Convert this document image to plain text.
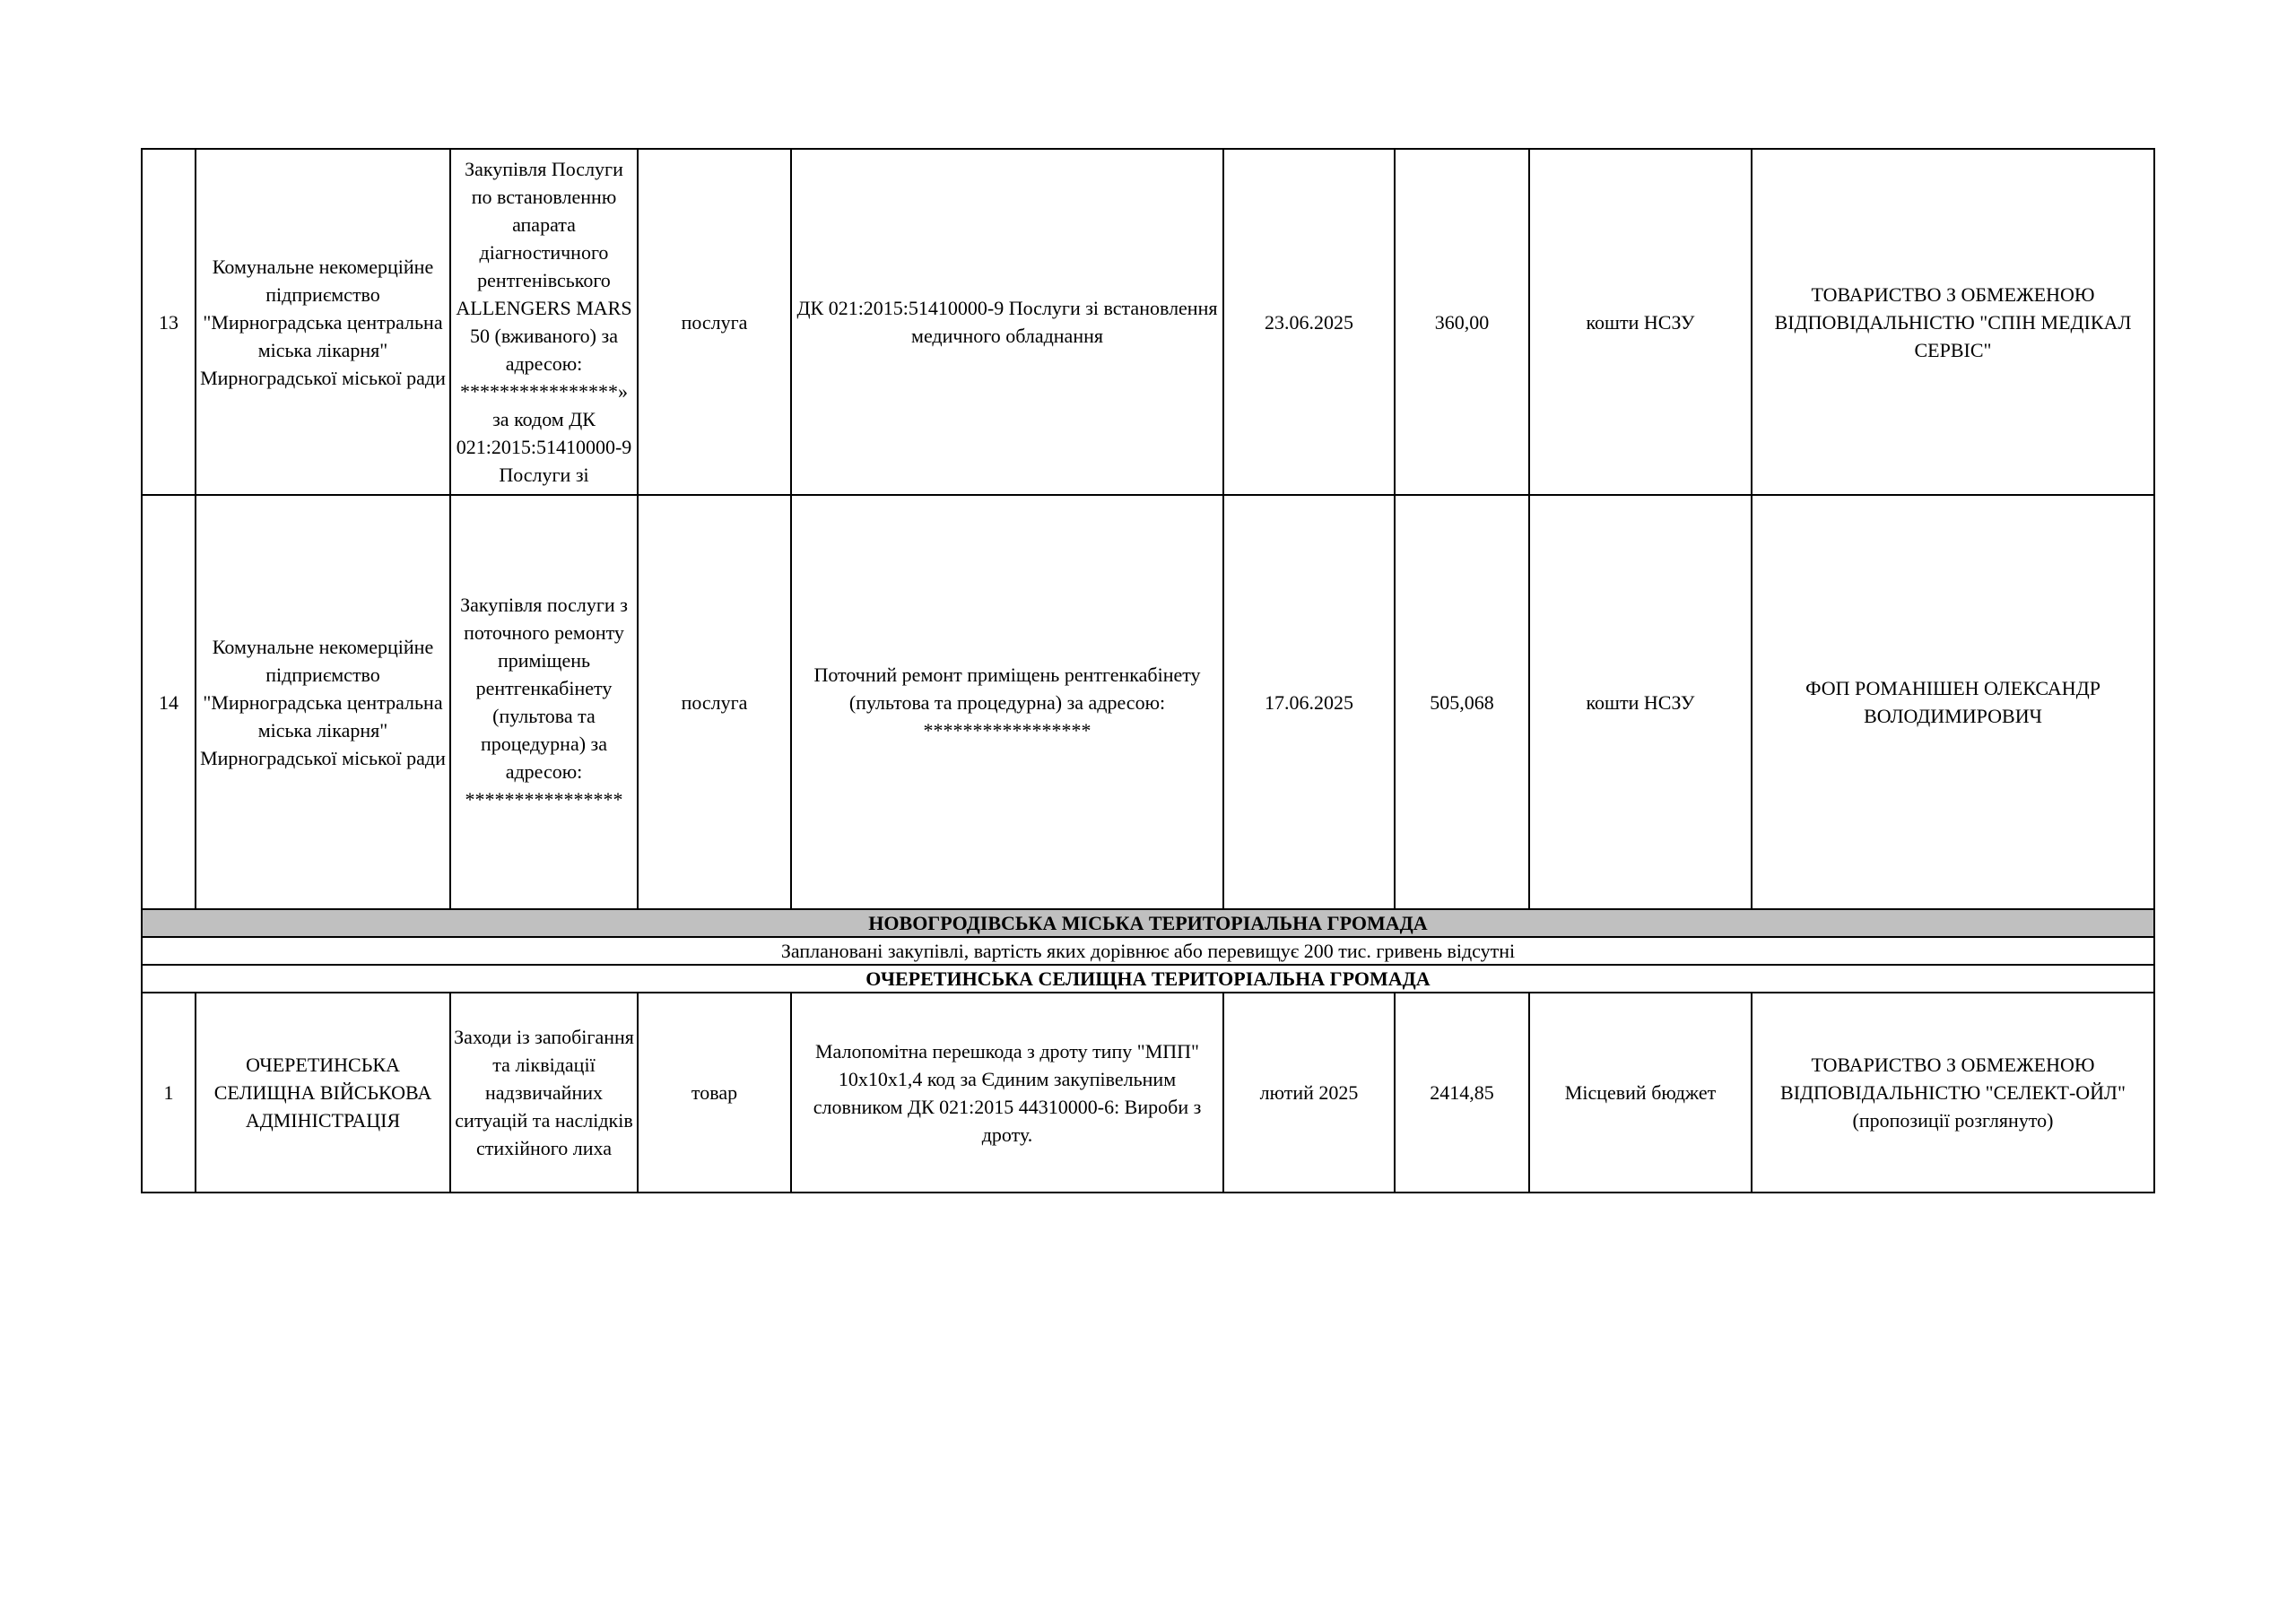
13	Комунальне некомерційне підприємство "Мирноградська центральна міська лікарня" Мирноградської міської ради	Закупівля Послуги по встановленню апарата діагностичного рентгенівського ALLENGERS MARS 50 (вживаного) за адресою: ****************» за кодом ДК 021:2015:51410000-9 Послуги зі	послуга	ДК 021:2015:51410000-9 Послуги зі встановлення медичного обладнання	23.06.2025	360,00	кошти НСЗУ	ТОВАРИСТВО З ОБМЕЖЕНОЮ ВІДПОВІДАЛЬНІСТЮ "СПІН МЕДІКАЛ СЕРВІС"
14	Комунальне некомерційне підприємство "Мирноградська центральна міська лікарня" Мирноградської міської ради	Закупівля послуги з поточного ремонту приміщень рентгенкабінету (пультова та процедурна) за адресою: ****************	послуга	Поточний ремонт приміщень рентгенкабінету (пультова та процедурна) за адресою: *****************	17.06.2025	505,068	кошти НСЗУ	ФОП РОМАНІШЕН ОЛЕКСАНДР ВОЛОДИМИРОВИЧ
НОВОГРОДІВСЬКА МІСЬКА ТЕРИТОРІАЛЬНА ГРОМАДА								
Заплановані закупівлі, вартість яких дорівнює або перевищує 200 тис. гривень відсутні								
ОЧЕРЕТИНСЬКА СЕЛИЩНА ТЕРИТОРІАЛЬНА ГРОМАДА								
1	ОЧЕРЕТИНСЬКА СЕЛИЩНА ВІЙСЬКОВА АДМІНІСТРАЦІЯ	Заходи із запобігання та ліквідації надзвичайних ситуацій та наслідків стихійного лиха	товар	Малопомітна перешкода з дроту типу "МПП" 10х10х1,4 код за Єдиним закупівельним словником ДК 021:2015 44310000-6: Вироби з дроту.	лютий 2025	2414,85	Місцевий бюджет	ТОВАРИСТВО З ОБМЕЖЕНОЮ ВІДПОВІДАЛЬНІСТЮ "СЕЛЕКТ-ОЙЛ" (пропозиції розглянуто)
